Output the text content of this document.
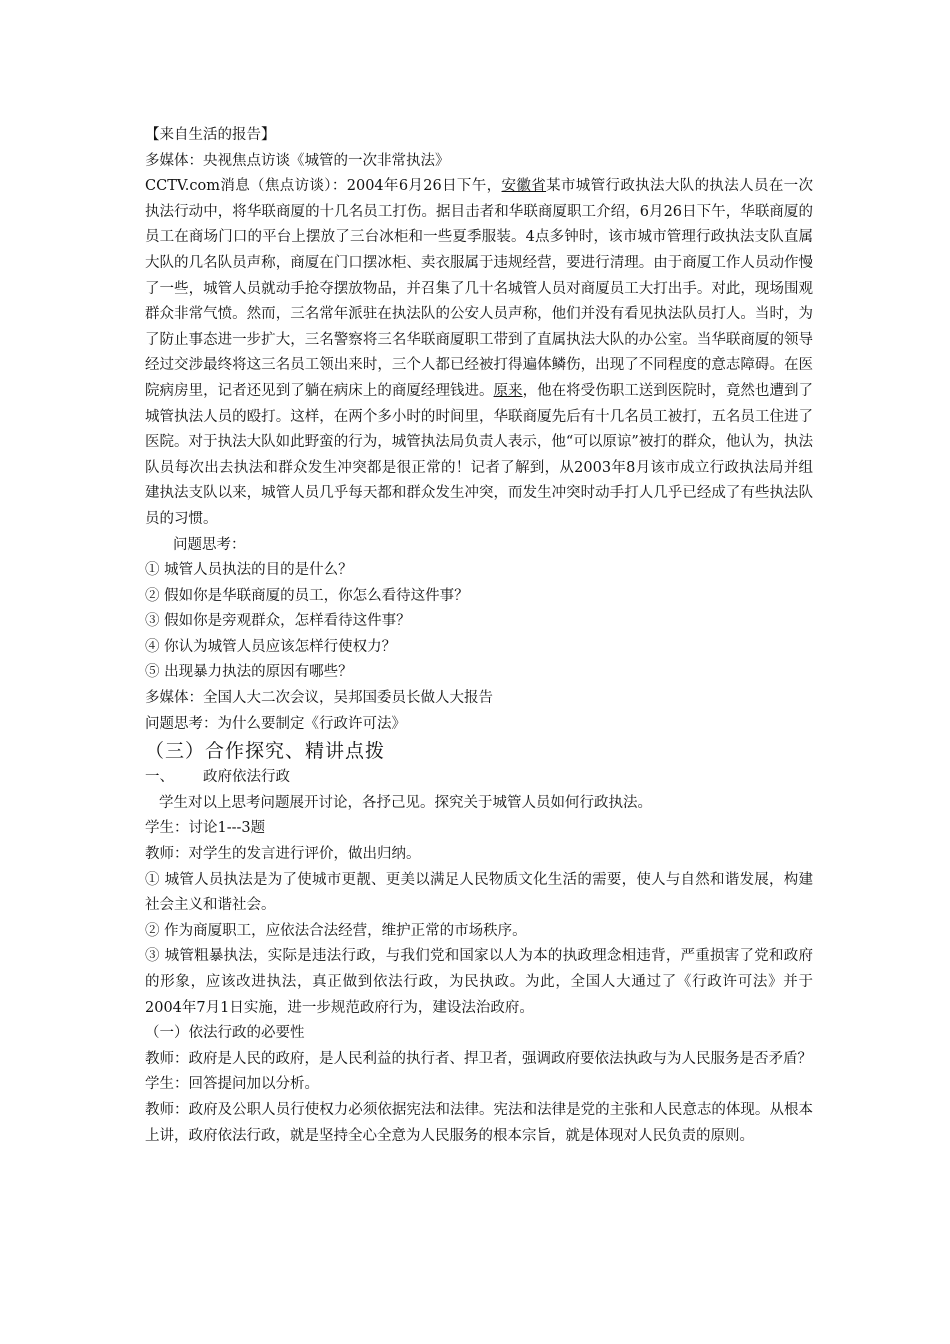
【来自生活的报告】

多媒体：央视焦点访谈《城管的一次非常执法》

CCTV.com消息（焦点访谈）：2004年6月26日下午，安徽省某市城管行政执法大队的执法人员在一次执法行动中，将华联商厦的十几名员工打伤。据目击者和华联商厦职工介绍，6月26日下午，华联商厦的员工在商场门口的平台上摆放了三台冰柜和一些夏季服装。4点多钟时，该市城市管理行政执法支队直属大队的几名队员声称，商厦在门口摆冰柜、卖衣服属于违规经营，要进行清理。由于商厦工作人员动作慢了一些，城管人员就动手抢夺摆放物品，并召集了几十名城管人员对商厦员工大打出手。对此，现场围观群众非常气愤。然而，三名常年派驻在执法队的公安人员声称，他们并没有看见执法队员打人。当时，为了防止事态进一步扩大，三名警察将三名华联商厦职工带到了直属执法大队的办公室。当华联商厦的领导经过交涉最终将这三名员工领出来时，三个人都已经被打得遍体鳞伤，出现了不同程度的意志障碍。在医院病房里，记者还见到了躺在病床上的商厦经理钱进。原来，他在将受伤职工送到医院时，竟然也遭到了城管执法人员的殴打。这样，在两个多小时的时间里，华联商厦先后有十几名员工被打，五名员工住进了医院。对于执法大队如此野蛮的行为，城管执法局负责人表示，他“可以原谅”被打的群众，他认为，执法队员每次出去执法和群众发生冲突都是很正常的！记者了解到，从2003年8月该市成立行政执法局并组建执法支队以来，城管人员几乎每天都和群众发生冲突，而发生冲突时动手打人几乎已经成了有些执法队员的习惯。

问题思考：

① 城管人员执法的目的是什么？

② 假如你是华联商厦的员工，你怎么看待这件事？

③ 假如你是旁观群众，怎样看待这件事？

④ 你认为城管人员应该怎样行使权力？

⑤ 出现暴力执法的原因有哪些？

多媒体：全国人大二次会议，吴邦国委员长做人大报告

问题思考：为什么要制定《行政许可法》

（三）合作探究、精讲点拨

一、	政府依法行政

学生对以上思考问题展开讨论，各抒己见。探究关于城管人员如何行政执法。

学生：讨论1---3题

教师：对学生的发言进行评价，做出归纳。

① 城管人员执法是为了使城市更靓、更美以满足人民物质文化生活的需要，使人与自然和谐发展，构建社会主义和谐社会。

② 作为商厦职工，应依法合法经营，维护正常的市场秩序。

③ 城管粗暴执法，实际是违法行政，与我们党和国家以人为本的执政理念相违背，严重损害了党和政府的形象，应该改进执法，真正做到依法行政，为民执政。为此，全国人大通过了《行政许可法》并于2004年7月1日实施，进一步规范政府行为，建设法治政府。

（一）依法行政的必要性

教师：政府是人民的政府，是人民利益的执行者、捍卫者，强调政府要依法执政与为人民服务是否矛盾？

学生：回答提问加以分析。

教师：政府及公职人员行使权力必须依据宪法和法律。宪法和法律是党的主张和人民意志的体现。从根本上讲，政府依法行政，就是坚持全心全意为人民服务的根本宗旨，就是体现对人民负责的原则。
